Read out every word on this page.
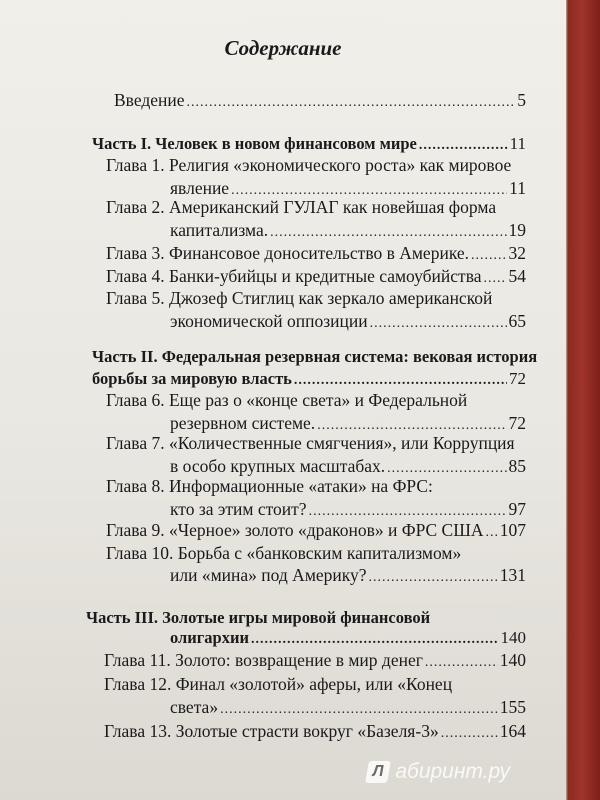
Содержание
Введение .....	5
Часть I. Человек в новом финансовом мире .....	11
Глава 1. Религия «экономического роста» как мировое
явление .....	11
Глава 2. Американский ГУЛАГ как новейшая форма
капитализма. .....	19
Глава 3. Финансовое доносительство в Америке. ..... 32
Глава 4. Банки-убийцы и кредитные самоубийства ..... 54
Глава 5. Джозеф Стиглиц как зеркало американской
экономической оппозиции .....	65
Часть II. Федеральная резервная система: вековая история
борьбы за мировую власть .....	72
Глава 6. Еще раз о «конце света» и Федеральной
резервном системе. .....	72
Глава 7. «Количественные смягчения», или Коррупция
в особо крупных масштабах. .....	85
Глава 8. Информационные «атаки» на ФРС:
кто за этим стоит? .....	97
Глава 9. «Черное» золото «драконов» и ФРС США ..... 107
Глава 10. Борьба с «банковским капитализмом»
или «мина» под Америку? .....	131
Часть III. Золотые игры мировой финансовой
олигархии .....	140
Глава 11. Золото: возвращение в мир денег .....	140
Глава 12. Финал «золотой» аферы, или «Конец
света» .....	155
Глава 13. Золотые страсти вокруг «Базеля-3» .....	164
Л абиринт.ру
